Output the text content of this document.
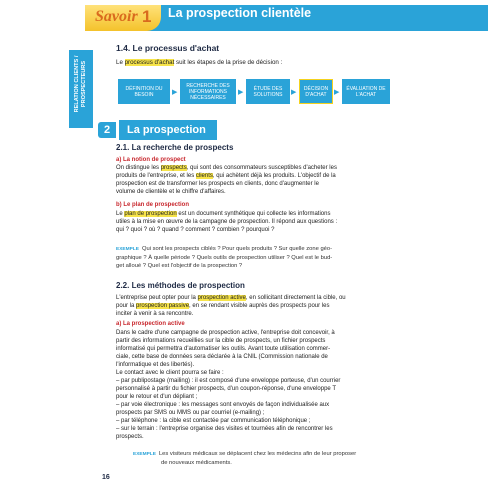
Savoir 1 La prospection clientèle
RELATION CLIENTS / PROSPECTEURS
1.4. Le processus d'achat
Le processus d'achat suit les étapes de la prise de décision :
DÉFINITION DU BESOIN	▶
RECHERCHE DES INFORMATIONS NÉCESSAIRES
▶
ÉTUDE DES SOLUTIONS	▶
DÉCISION D'ACHAT	▶
ÉVALUATION DE L'ACHAT
2	La prospection
2.1. La recherche de prospects
a) La notion de prospect
On distingue les prospects, qui sont des consommateurs susceptibles d'acheter les
produits de l'entreprise, et les clients, qui achètent déjà les produits. L'objectif de la
prospection est de transformer les prospects en clients, donc d'augmenter le
volume de clientèle et le chiffre d'affaires.
b) Le plan de prospection
Le plan de prospection est un document synthétique qui collecte les informations
utiles à la mise en œuvre de la campagne de prospection. Il répond aux questions :
qui ? quoi ? où ? quand ? comment ? combien ? pourquoi ?
EXEMPLE Qui sont les prospects ciblés ? Pour quels produits ? Sur quelle zone géo-
graphique ? À quelle période ? Quels outils de prospection utiliser ? Quel est le bud-
get alloué ? Quel est l'objectif de la prospection ?
2.2. Les méthodes de prospection
L'entreprise peut opter pour la prospection active, en sollicitant directement la cible, ou
pour la prospection passive, en se rendant visible auprès des prospects pour les
inciter à venir à sa rencontre.
a) La prospection active
Dans le cadre d'une campagne de prospection active, l'entreprise doit concevoir, à
partir des informations recueillies sur la cible de prospects, un fichier prospects
informatisé qui permettra d'automatiser les outils. Avant toute utilisation commer-
ciale, cette base de données sera déclarée à la CNIL (Commission nationale de
l'informatique et des libertés).
Le contact avec le client pourra se faire :
– par publipostage (mailing) : il est composé d'une enveloppe porteuse, d'un courrier
personnalisé à partir du fichier prospects, d'un coupon-réponse, d'une enveloppe T
pour le retour et d'un dépliant ;
– par voie électronique : les messages sont envoyés de façon individualisée aux
prospects par SMS ou MMS ou par courriel (e-mailing) ;
– par téléphone : la cible est contactée par communication téléphonique ;
– sur le terrain : l'entreprise organise des visites et tournées afin de rencontrer les
prospects.
EXEMPLE Les visiteurs médicaux se déplacent chez les médecins afin de leur proposer
de nouveaux médicaments.
16
